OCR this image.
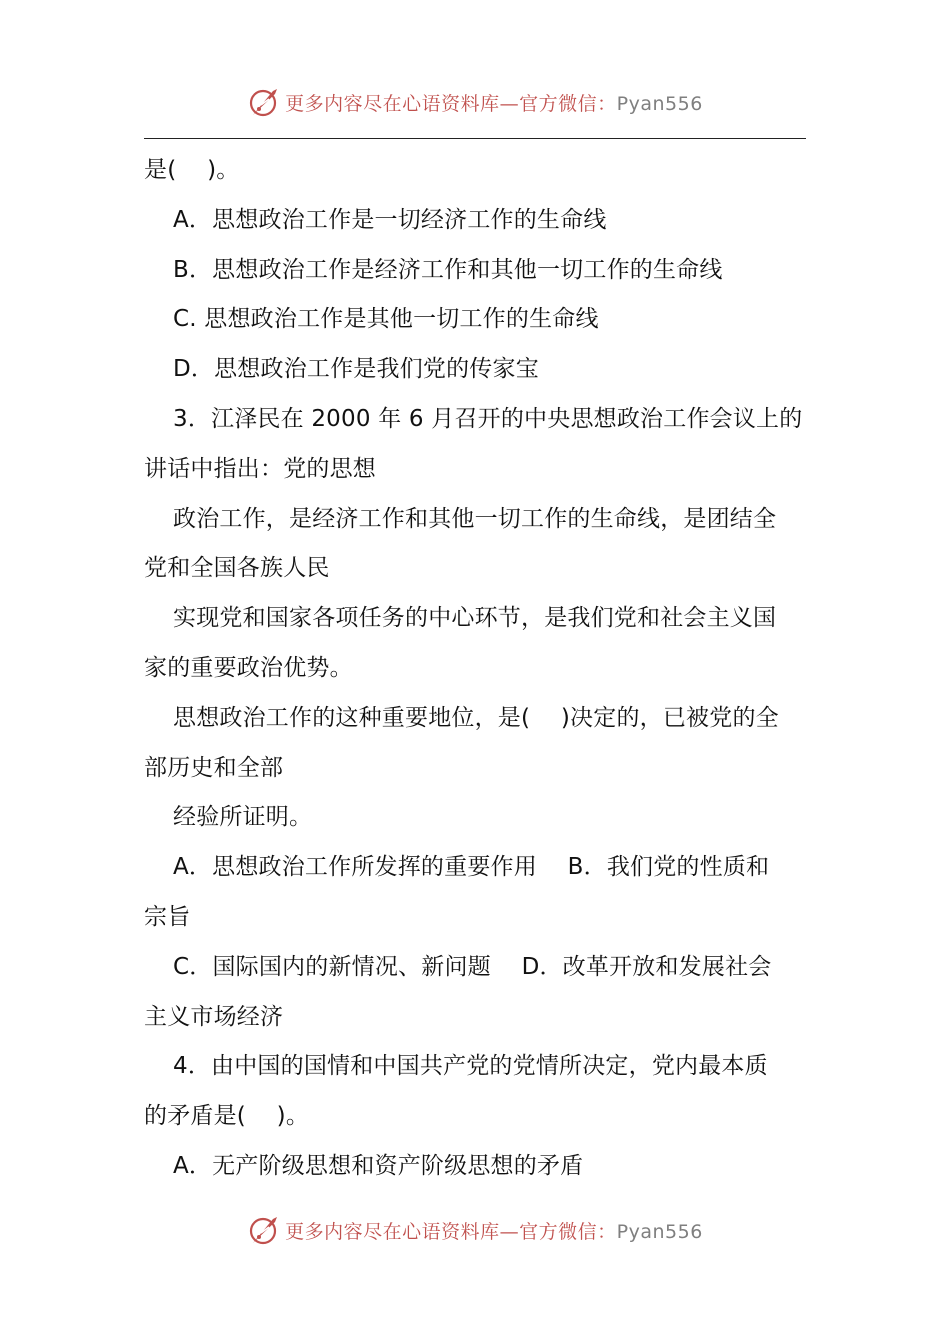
更多内容尽在心语资料库—官方微信：Pyan556
是(　 )。
A．思想政治工作是一切经济工作的生命线
B．思想政治工作是经济工作和其他一切工作的生命线
C. 思想政治工作是其他一切工作的生命线
D．思想政治工作是我们党的传家宝
3．江泽民在 2000 年 6 月召开的中央思想政治工作会议上的
讲话中指出：党的思想
政治工作，是经济工作和其他一切工作的生命线，是团结全
党和全国各族人民
实现党和国家各项任务的中心环节，是我们党和社会主义国
家的重要政治优势。
思想政治工作的这种重要地位，是(　 )决定的，已被党的全
部历史和全部
经验所证明。
A．思想政治工作所发挥的重要作用　 B．我们党的性质和
宗旨
C．国际国内的新情况、新问题　 D．改革开放和发展社会
主义市场经济
4．由中国的国情和中国共产党的党情所决定，党内最本质
的矛盾是(　 )。
A．无产阶级思想和资产阶级思想的矛盾
更多内容尽在心语资料库—官方微信：Pyan556
